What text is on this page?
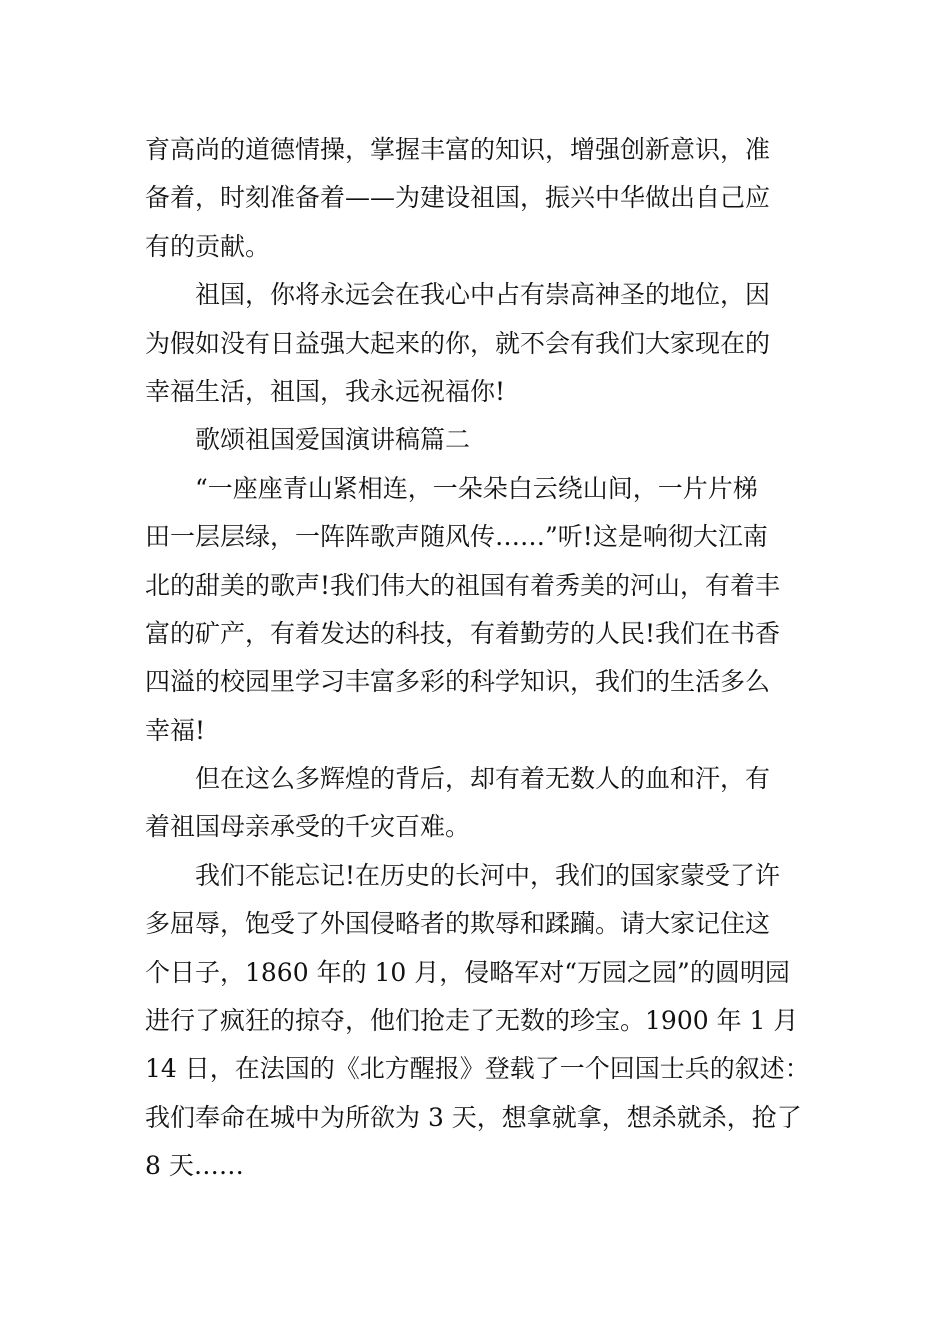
育高尚的道德情操，掌握丰富的知识，增强创新意识，准
备着，时刻准备着——为建设祖国，振兴中华做出自己应
有的贡献。
祖国，你将永远会在我心中占有崇高神圣的地位，因
为假如没有日益强大起来的你，就不会有我们大家现在的
幸福生活，祖国，我永远祝福你!
歌颂祖国爱国演讲稿篇二
“一座座青山紧相连，一朵朵白云绕山间，一片片梯
田一层层绿，一阵阵歌声随风传……”听!这是响彻大江南
北的甜美的歌声!我们伟大的祖国有着秀美的河山，有着丰
富的矿产，有着发达的科技，有着勤劳的人民!我们在书香
四溢的校园里学习丰富多彩的科学知识，我们的生活多么
幸福!
但在这么多辉煌的背后，却有着无数人的血和汗，有
着祖国母亲承受的千灾百难。
我们不能忘记!在历史的长河中，我们的国家蒙受了许
多屈辱，饱受了外国侵略者的欺辱和蹂躏。请大家记住这
个日子，1860 年的 10 月，侵略军对“万园之园”的圆明园
进行了疯狂的掠夺，他们抢走了无数的珍宝。1900 年 1 月
14 日，在法国的《北方醒报》登载了一个回国士兵的叙述：
我们奉命在城中为所欲为 3 天，想拿就拿，想杀就杀，抢了
8 天……
